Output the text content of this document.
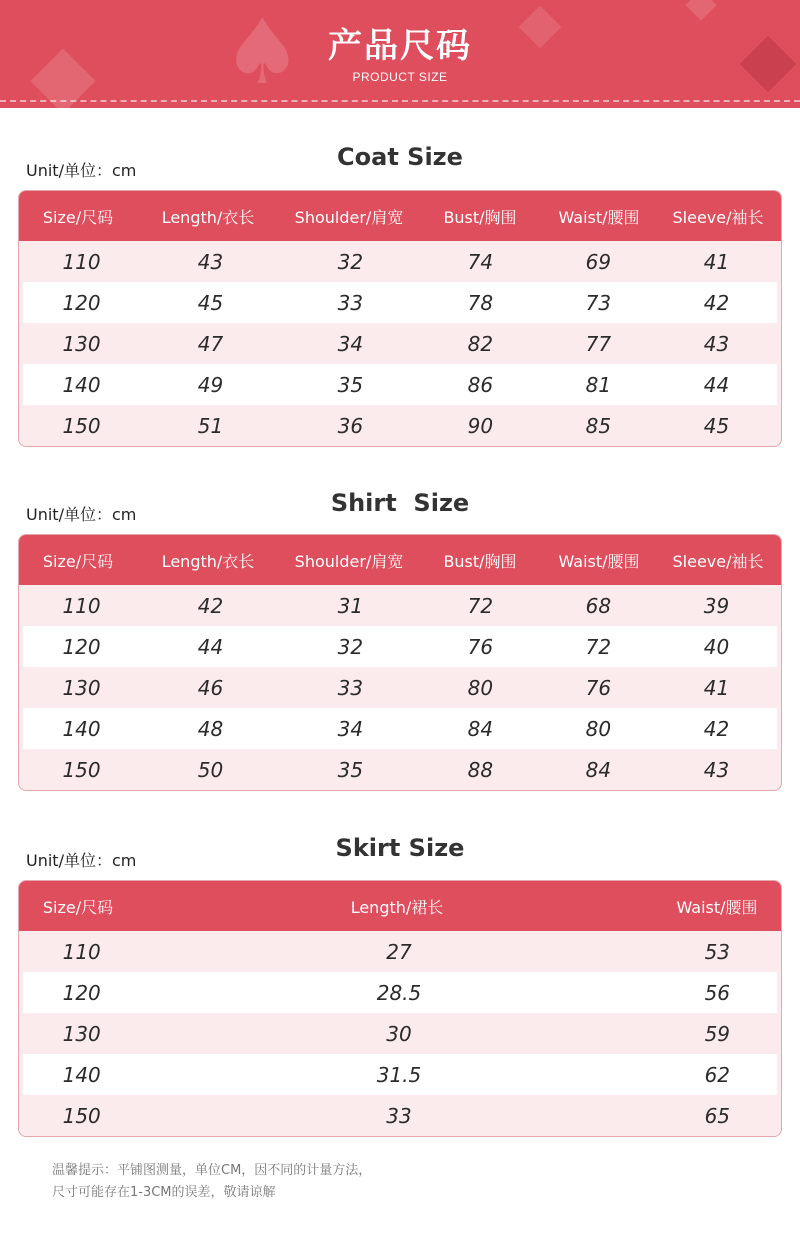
♠ 产品尺码
PRODUCT SIZE
Unit/单位：cm	Coat Size
Size/尺码	Length/衣长	Shoulder/肩宽	Bust/胸围	Waist/腰围	Sleeve/袖长
110	43	32	74	69	41
120	45	33	78	73	42
130	47	34	82	77	43
140	49	35	86	81	44
150	51	36	90	85	45
Unit/单位：cm	Shirt  Size
Size/尺码	Length/衣长	Shoulder/肩宽	Bust/胸围	Waist/腰围	Sleeve/袖长
110	42	31	72	68	39
120	44	32	76	72	40
130	46	33	80	76	41
140	48	34	84	80	42
150	50	35	88	84	43
Unit/单位：cm	Skirt Size
Size/尺码	Length/裙长	Waist/腰围
110	27	53
120	28.5	56
130	30	59
140	31.5	62
150	33	65
温馨提示：平铺图测量，单位CM，因不同的计量方法，
尺寸可能存在1-3CM的误差，敬请谅解
